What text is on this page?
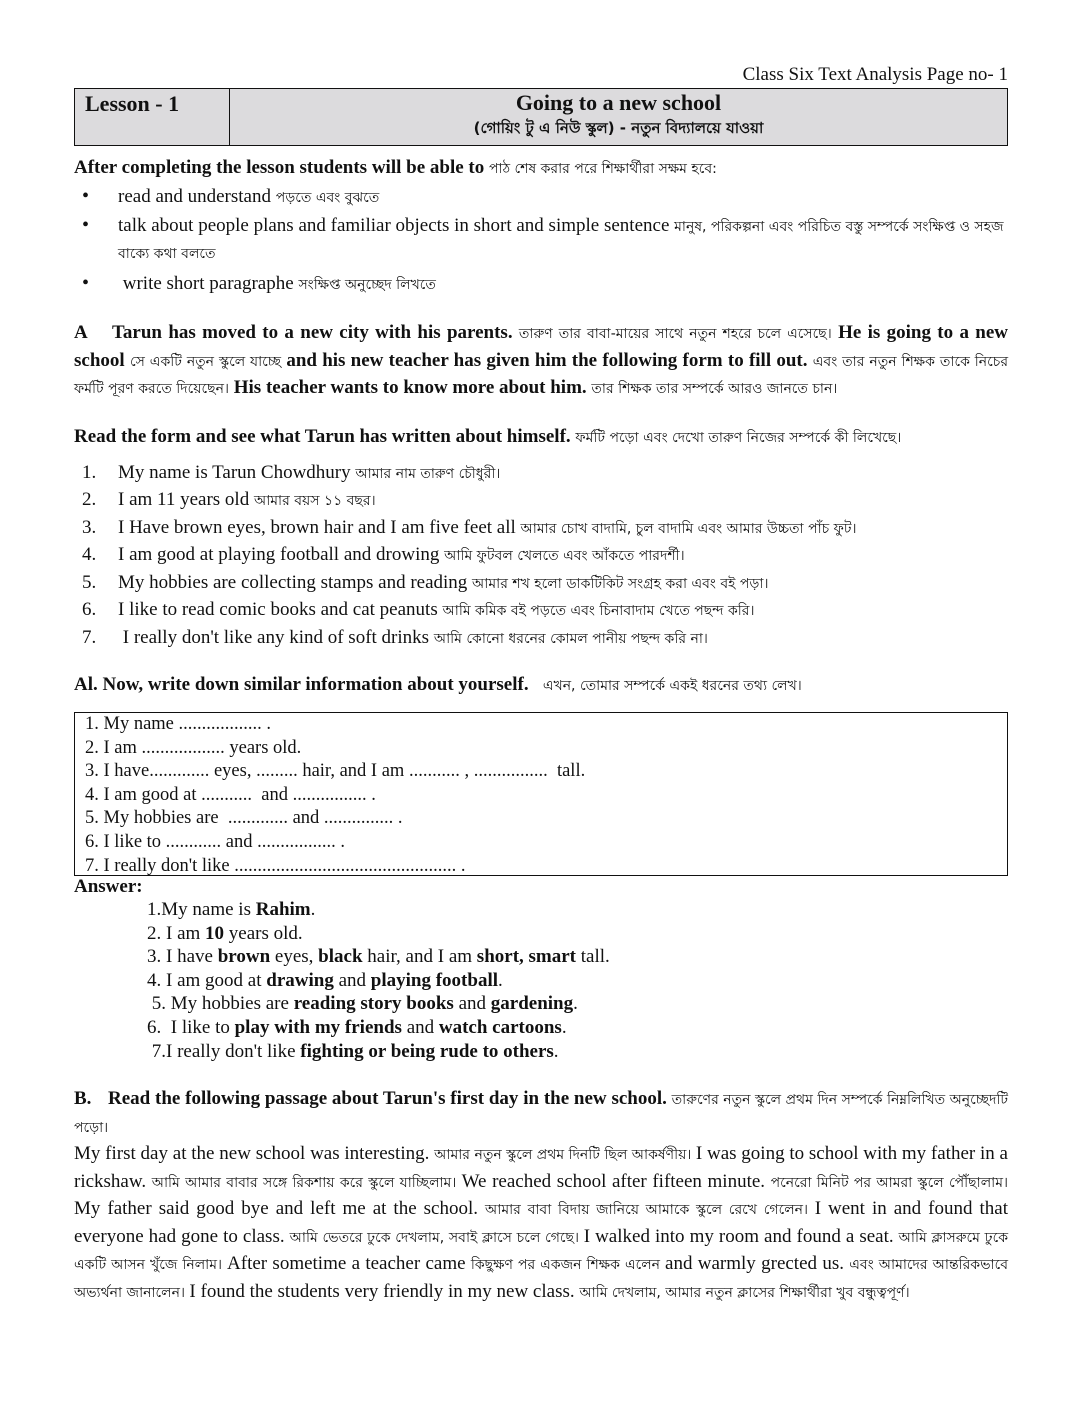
Class Six Text Analysis Page no- 1
Lesson - 1	Going to a new school
(গোয়িং টু এ নিউ স্কুল) - নতুন বিদ্যালয়ে যাওয়া

After completing the lesson students will be able to পাঠ শেষ করার পরে শিক্ষার্থীরা সক্ষম হবে:

• read and understand পড়তে এবং বুঝতে
• talk about people plans and familiar objects in short and simple sentence মানুষ, পরিকল্পনা এবং পরিচিত বস্তু সম্পর্কে সংক্ষিপ্ত ও সহজ বাক্যে কথা বলতে
•  write short paragraphe সংক্ষিপ্ত অনুচ্ছেদ লিখতে

A Tarun has moved to a new city with his parents. তারুণ তার বাবা-মায়ের সাথে নতুন শহরে চলে এসেছে। He is going to a new school সে একটি নতুন স্কুলে যাচ্ছে and his new teacher has given him the following form to fill out. এবং তার নতুন শিক্ষক তাকে নিচের ফর্মটি পূরণ করতে দিয়েছেন। His teacher wants to know more about him. তার শিক্ষক তার সম্পর্কে আরও জানতে চান।

Read the form and see what Tarun has written about himself. ফর্মটি পড়ো এবং দেখো তারুণ নিজের সম্পর্কে কী লিখেছে।

1.	My name is Tarun Chowdhury আমার নাম তারুণ চৌধুরী।
2.	I am 11 years old আমার বয়স ১১ বছর।
3.	I Have brown eyes, brown hair and I am five feet all আমার চোখ বাদামি, চুল বাদামি এবং আমার উচ্চতা পাঁচ ফুট।
4.	I am good at playing football and drowing আমি ফুটবল খেলতে এবং আঁকতে পারদর্শী।
5.	My hobbies are collecting stamps and reading আমার শখ হলো ডাকটিকিট সংগ্রহ করা এবং বই পড়া।
6.	I like to read comic books and cat peanuts আমি কমিক বই পড়তে এবং চিনাবাদাম খেতে পছন্দ করি।
7.	I really don't like any kind of soft drinks আমি কোনো ধরনের কোমল পানীয় পছন্দ করি না।

Al. Now, write down similar information about yourself. এখন, তোমার সম্পর্কে একই ধরনের তথ্য লেখ।

1. My name .................. .
2. I am .................. years old.
3. I have............. eyes, ......... hair, and I am ........... , ................  tall.
4. I am good at ...........  and ................ .
5. My hobbies are  ............. and ............... .
6. I like to ............ and ................. .
7. I really don't like ................................................ .
Answer:
1.My name is Rahim.
2. I am 10 years old.
3. I have brown eyes, black hair, and I am short, smart tall.
4. I am good at drawing and playing football.
5. My hobbies are reading story books and gardening.
6.  I like to play with my friends and watch cartoons.
7.I really don't like fighting or being rude to others.

B. Read the following passage about Tarun's first day in the new school. তারুণের নতুন স্কুলে প্রথম দিন সম্পর্কে নিম্নলিখিত অনুচ্ছেদটি পড়ো।
My first day at the new school was interesting. আমার নতুন স্কুলে প্রথম দিনটি ছিল আকর্ষণীয়। I was going to school with my father in a rickshaw. আমি আমার বাবার সঙ্গে রিকশায় করে স্কুলে যাচ্ছিলাম। We reached school after fifteen minute. পনেরো মিনিট পর আমরা স্কুলে পৌঁছালাম। My father said good bye and left me at the school. আমার বাবা বিদায় জানিয়ে আমাকে স্কুলে রেখে গেলেন। I went in and found that everyone had gone to class. আমি ভেতরে ঢুকে দেখলাম, সবাই ক্লাসে চলে গেছে। I walked into my room and found a seat. আমি ক্লাসরুমে ঢুকে একটি আসন খুঁজে নিলাম। After sometime a teacher came কিছুক্ষণ পর একজন শিক্ষক এলেন and warmly grected us. এবং আমাদের আন্তরিকভাবে অভ্যর্থনা জানালেন। I found the students very friendly in my new class. আমি দেখলাম, আমার নতুন ক্লাসের শিক্ষার্থীরা খুব বন্ধুত্বপূর্ণ।
